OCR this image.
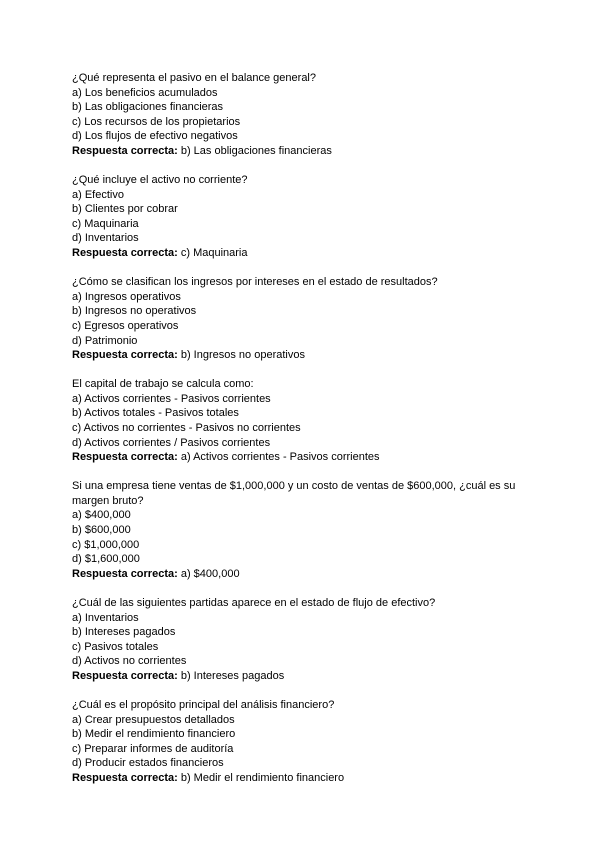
¿Qué representa el pasivo en el balance general?
a) Los beneficios acumulados
b) Las obligaciones financieras
c) Los recursos de los propietarios
d) Los flujos de efectivo negativos
Respuesta correcta: b) Las obligaciones financieras
¿Qué incluye el activo no corriente?
a) Efectivo
b) Clientes por cobrar
c) Maquinaria
d) Inventarios
Respuesta correcta: c) Maquinaria
¿Cómo se clasifican los ingresos por intereses en el estado de resultados?
a) Ingresos operativos
b) Ingresos no operativos
c) Egresos operativos
d) Patrimonio
Respuesta correcta: b) Ingresos no operativos
El capital de trabajo se calcula como:
a) Activos corrientes - Pasivos corrientes
b) Activos totales - Pasivos totales
c) Activos no corrientes - Pasivos no corrientes
d) Activos corrientes / Pasivos corrientes
Respuesta correcta: a) Activos corrientes - Pasivos corrientes
Si una empresa tiene ventas de $1,000,000 y un costo de ventas de $600,000, ¿cuál es su margen bruto?
a) $400,000
b) $600,000
c) $1,000,000
d) $1,600,000
Respuesta correcta: a) $400,000
¿Cuál de las siguientes partidas aparece en el estado de flujo de efectivo?
a) Inventarios
b) Intereses pagados
c) Pasivos totales
d) Activos no corrientes
Respuesta correcta: b) Intereses pagados
¿Cuál es el propósito principal del análisis financiero?
a) Crear presupuestos detallados
b) Medir el rendimiento financiero
c) Preparar informes de auditoría
d) Producir estados financieros
Respuesta correcta: b) Medir el rendimiento financiero
